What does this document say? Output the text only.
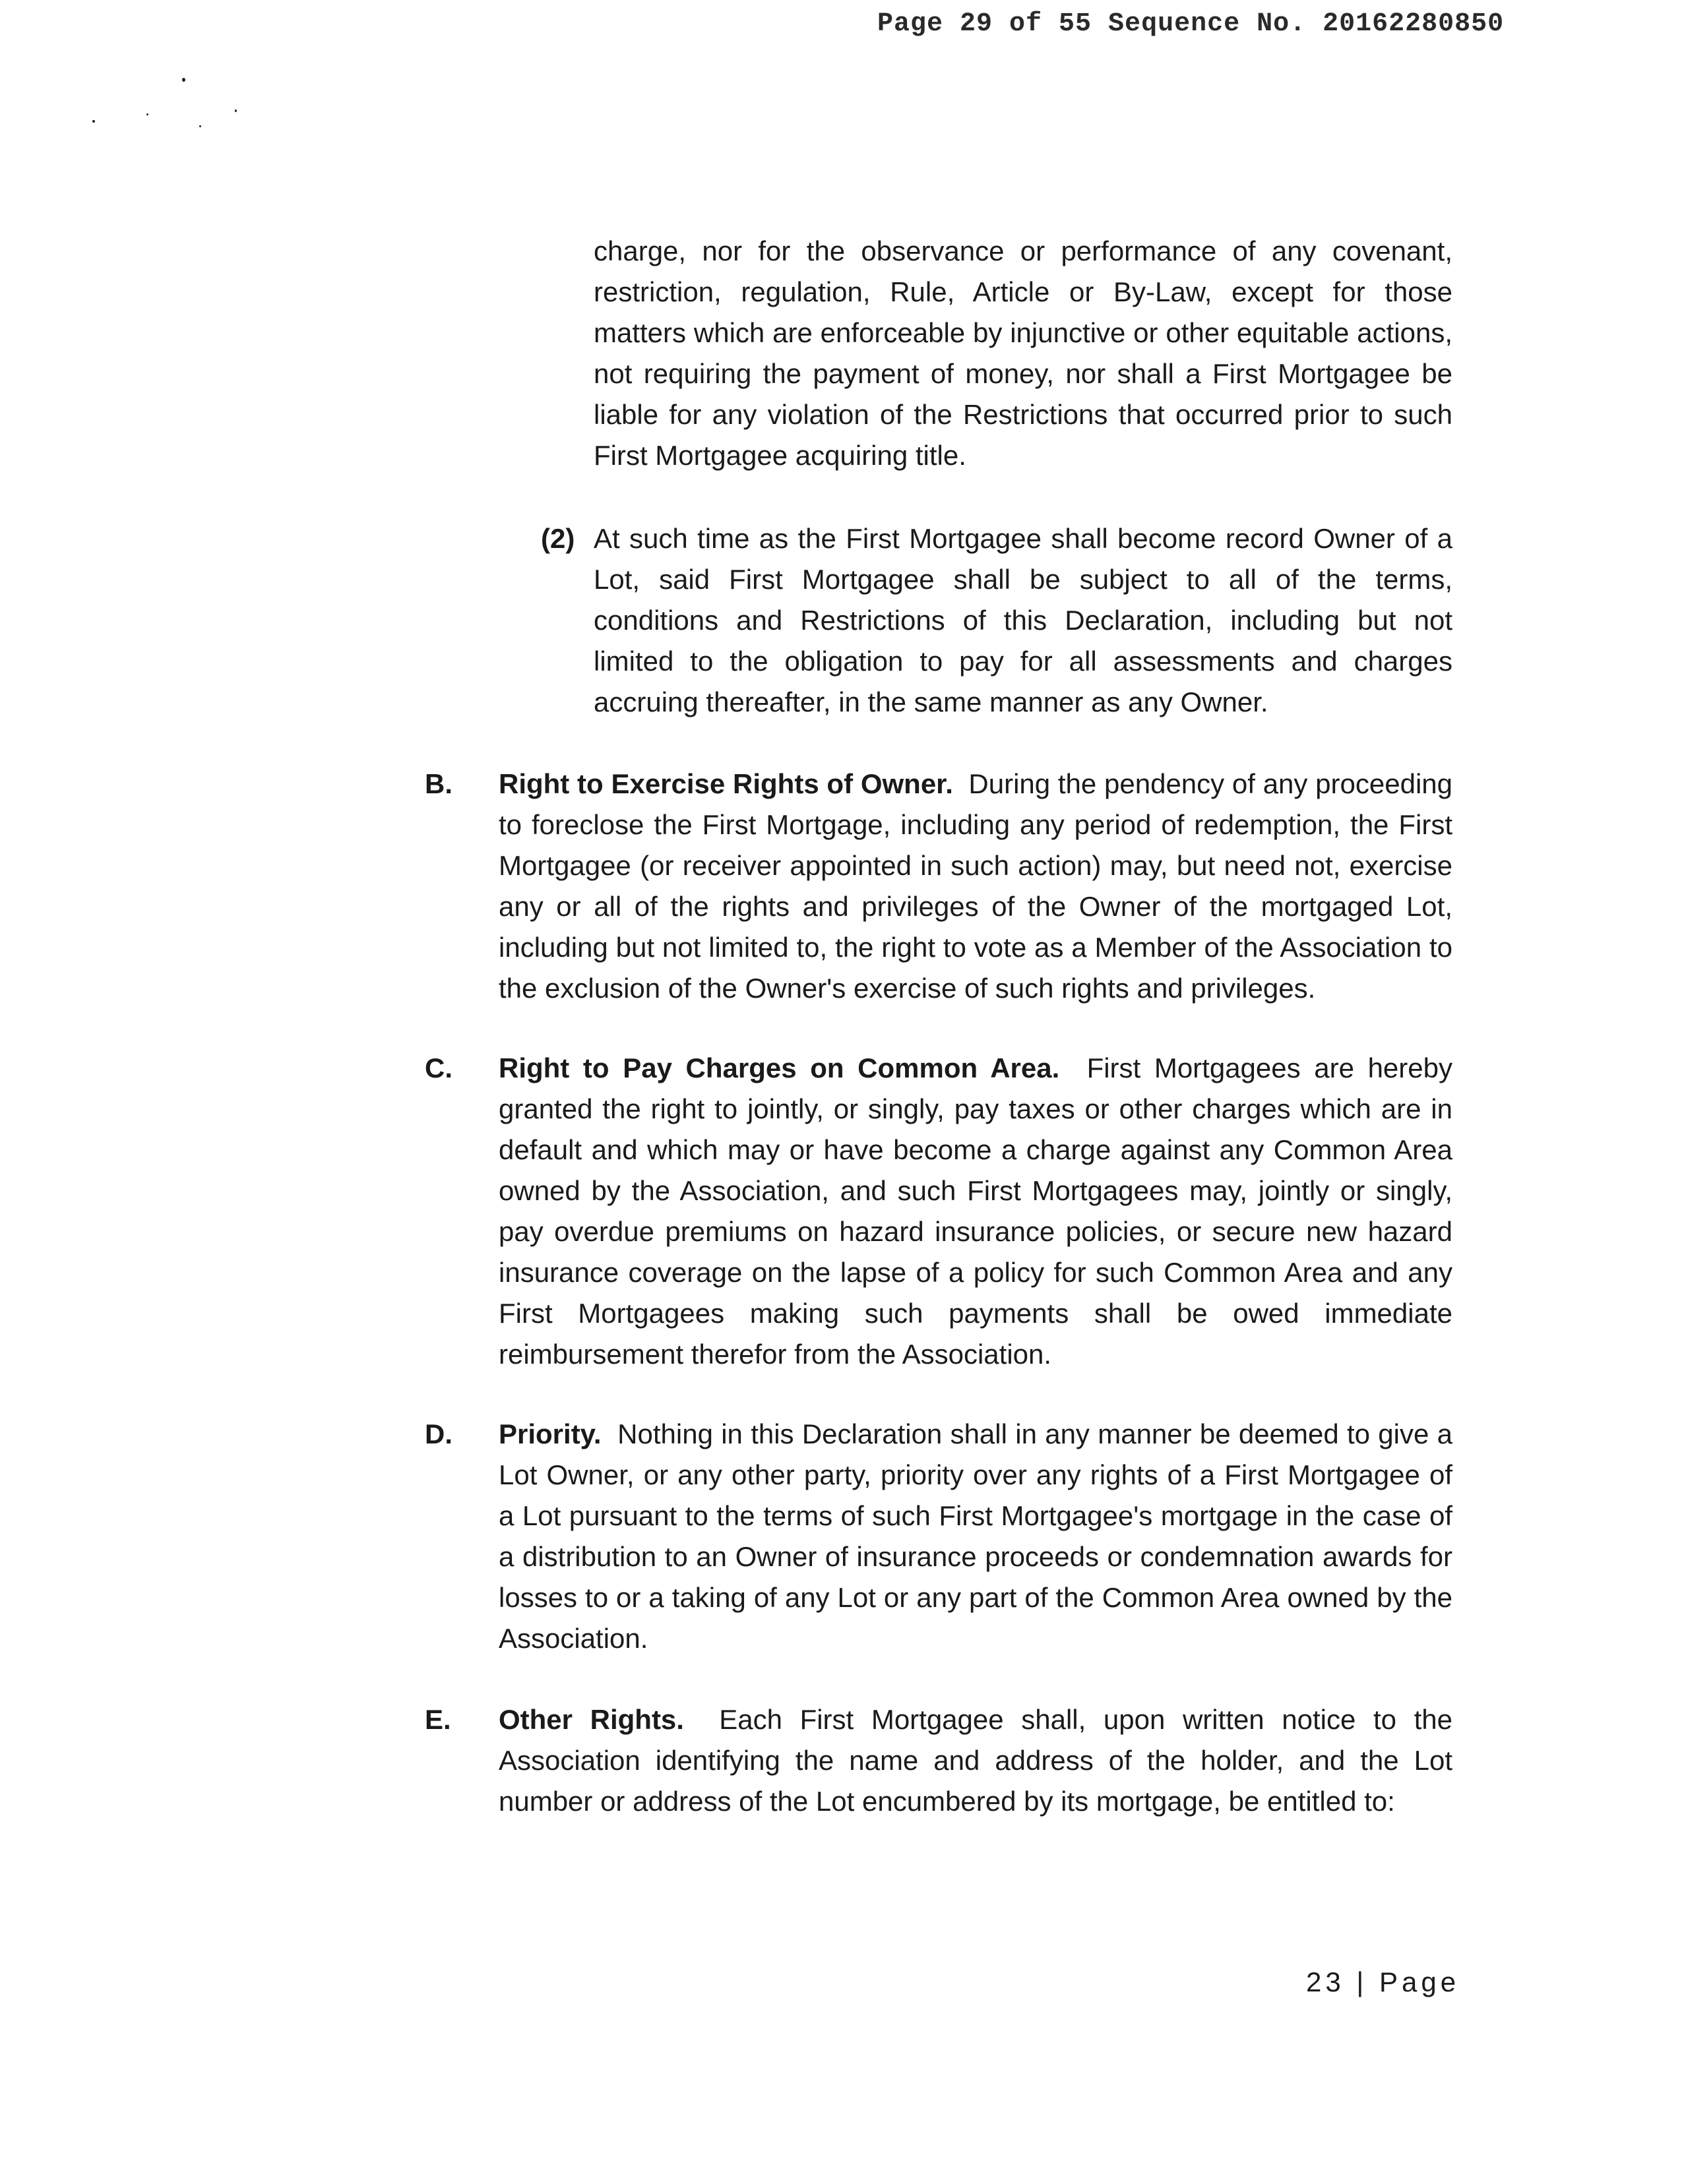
Page 29 of 55 Sequence No. 20162280850
charge, nor for the observance or performance of any covenant, restriction, regulation, Rule, Article or By-Law, except for those matters which are enforceable by injunctive or other equitable actions, not requiring the payment of money, nor shall a First Mortgagee be liable for any violation of the Restrictions that occurred prior to such First Mortgagee acquiring title.
(2) At such time as the First Mortgagee shall become record Owner of a Lot, said First Mortgagee shall be subject to all of the terms, conditions and Restrictions of this Declaration, including but not limited to the obligation to pay for all assessments and charges accruing thereafter, in the same manner as any Owner.
B. Right to Exercise Rights of Owner. During the pendency of any proceeding to foreclose the First Mortgage, including any period of redemption, the First Mortgagee (or receiver appointed in such action) may, but need not, exercise any or all of the rights and privileges of the Owner of the mortgaged Lot, including but not limited to, the right to vote as a Member of the Association to the exclusion of the Owner's exercise of such rights and privileges.
C. Right to Pay Charges on Common Area. First Mortgagees are hereby granted the right to jointly, or singly, pay taxes or other charges which are in default and which may or have become a charge against any Common Area owned by the Association, and such First Mortgagees may, jointly or singly, pay overdue premiums on hazard insurance policies, or secure new hazard insurance coverage on the lapse of a policy for such Common Area and any First Mortgagees making such payments shall be owed immediate reimbursement therefor from the Association.
D. Priority. Nothing in this Declaration shall in any manner be deemed to give a Lot Owner, or any other party, priority over any rights of a First Mortgagee of a Lot pursuant to the terms of such First Mortgagee's mortgage in the case of a distribution to an Owner of insurance proceeds or condemnation awards for losses to or a taking of any Lot or any part of the Common Area owned by the Association.
E. Other Rights. Each First Mortgagee shall, upon written notice to the Association identifying the name and address of the holder, and the Lot number or address of the Lot encumbered by its mortgage, be entitled to:
23 | Page
